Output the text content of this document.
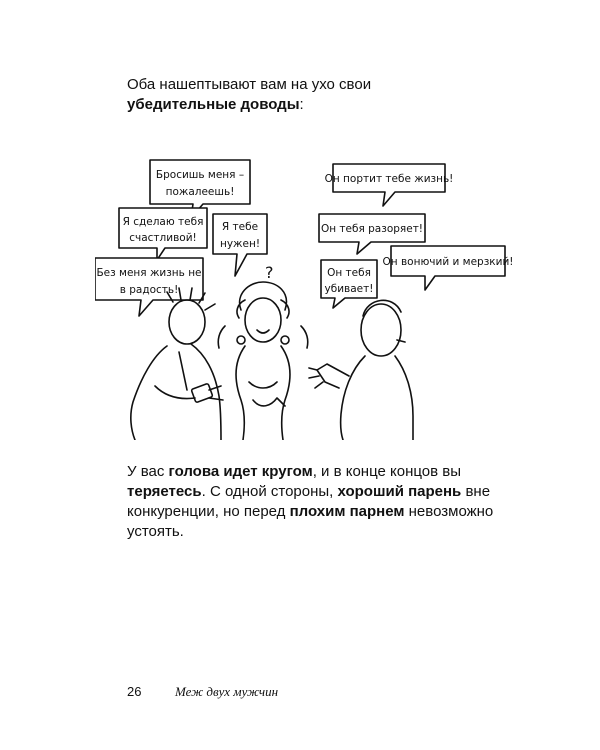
Оба нашептывают вам на ухо свои
убедительные доводы:
Бросишь меня –
пожалеешь!
Я сделаю тебя
счастливой!
Я тебе
нужен!
Без меня жизнь не
в радость!
Он портит тебе жизнь!
Он тебя разоряет!
Он вонючий и мерзкий!
Он тебя
убивает!
?
У вас голова идет кругом, и в конце концов вы теряетесь. С одной стороны, хороший парень вне конкуренции, но перед плохим парнем невозможно устоять.
26	Меж двух мужчин
